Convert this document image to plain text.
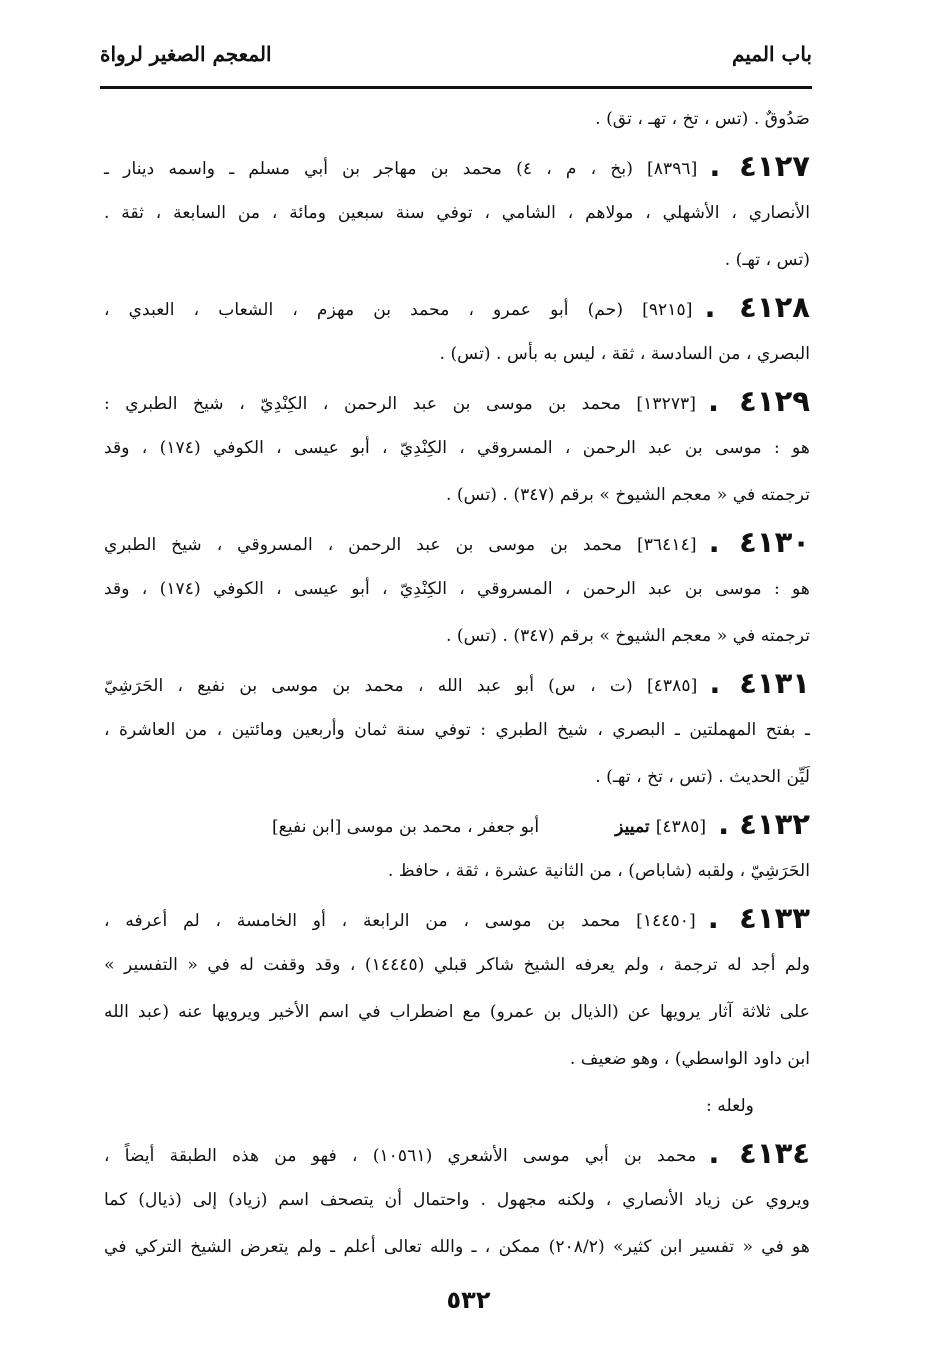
باب الميم
المعجم الصغير لرواة
صَدُوقٌ . (تس ، تخ ، تهـ ، تق) .
٤١٢٧ .[٨٣٩٦] (بخ ، م ، ٤) محمد بن مهاجر بن أبي مسلم ـ واسمه دينار ـ
الأنصاري ، الأشهلي ، مولاهم ، الشامي ، توفي سنة سبعين ومائة ، من السابعة ، ثقة .
(تس ، تهـ) .
٤١٢٨ .[٩٢١٥] (حم) أبو عمرو ، محمد بن مهزم ، الشعاب ، العبدي ،
البصري ، من السادسة ، ثقة ، ليس به بأس . (تس) .
٤١٢٩ .[١٣٢٧٣] محمد بن موسى بن عبد الرحمن ، الكِنْدِيّ ، شيخ الطبري :
هو : موسى بن عبد الرحمن ، المسروقي ، الكِنْدِيّ ، أبو عيسى ، الكوفي (١٧٤) ، وقد
ترجمته في « معجم الشيوخ » برقم (٣٤٧) . (تس) .
٤١٣٠ .[٣٦٤١٤] محمد بن موسى بن عبد الرحمن ، المسروقي ، شيخ الطبري
هو : موسى بن عبد الرحمن ، المسروقي ، الكِنْدِيّ ، أبو عيسى ، الكوفي (١٧٤) ، وقد
ترجمته في « معجم الشيوخ » برقم (٣٤٧) . (تس) .
٤١٣١ .[٤٣٨٥] (ت ، س) أبو عبد الله ، محمد بن موسى بن نفيع ، الحَرَشِيّ
ـ بفتح المهملتين ـ البصري ، شيخ الطبري : توفي سنة ثمان وأربعين ومائتين ، من العاشرة ،
لَيِّن الحديث . (تس ، تخ ، تهـ) .
٤١٣٢ .[٤٣٨٥]تمييزأبو جعفر ، محمد بن موسى [ابن نفيع]
الحَرَشِيّ ، ولقبه (شاباص) ، من الثانية عشرة ، ثقة ، حافظ .
٤١٣٣ .[١٤٤٥٠] محمد بن موسى ، من الرابعة ، أو الخامسة ، لم أعرفه ،
ولم أجد له ترجمة ، ولم يعرفه الشيخ شاكر قبلي (١٤٤٤٥) ، وقد وقفت له في « التفسير »
على ثلاثة آثار يرويها عن (الذيال بن عمرو) مع اضطراب في اسم الأخير ويرويها عنه (عبد الله
ابن داود الواسطي) ، وهو ضعيف .
ولعله :
٤١٣٤ .محمد بن أبي موسى الأشعري (١٠٥٦١) ، فهو من هذه الطبقة أيضاً ،
ويروي عن زياد الأنصاري ، ولكنه مجهول . واحتمال أن يتصحف اسم (زياد) إلى (ذيال) كما
هو في « تفسير ابن كثير» (٢٠٨/٢) ممكن ، ـ والله تعالى أعلم ـ ولم يتعرض الشيخ التركي في
٥٣٢
